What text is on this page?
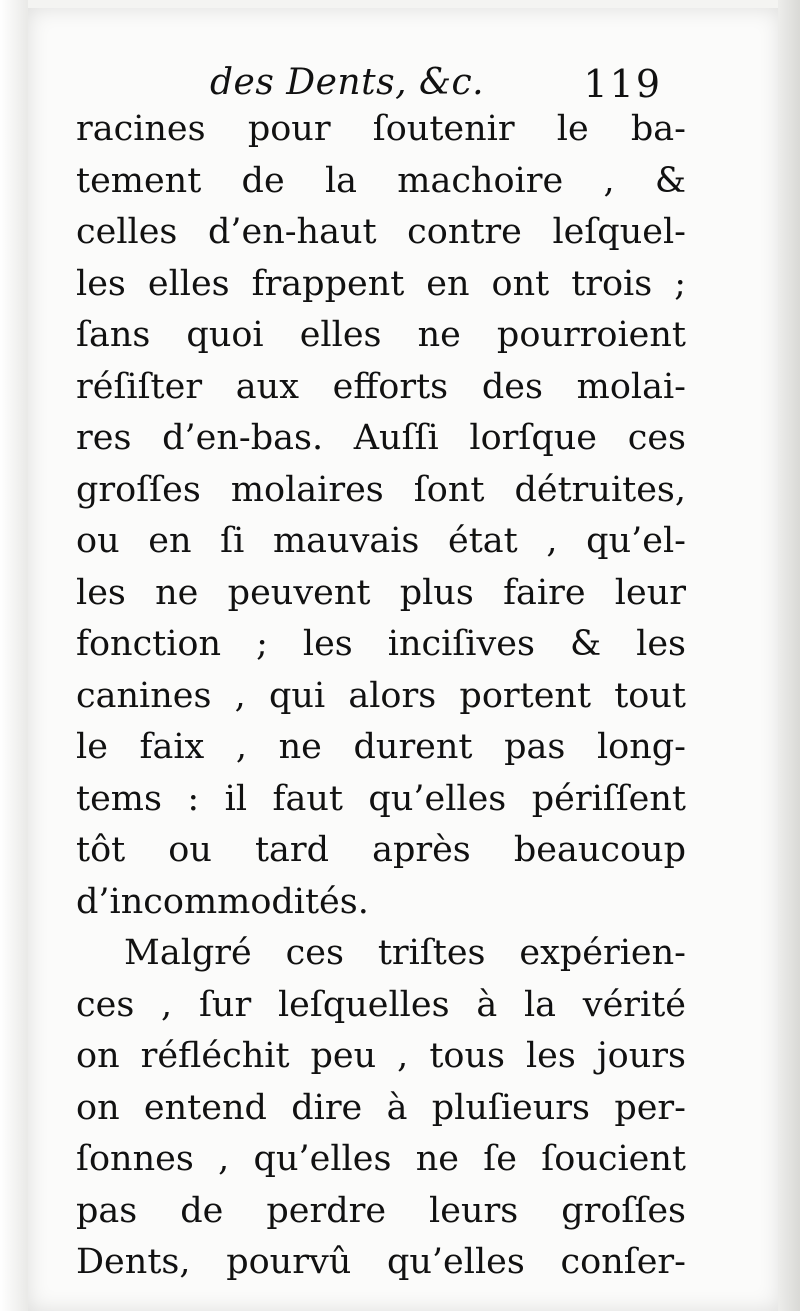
des Dents, &c.	119
racines pour ſoutenir le ba-
tement de la machoire , &
celles d’en-haut contre leſquel-
les elles frappent en ont trois ;
ſans quoi elles ne pourroient
réſiſter aux efforts des molai-
res d’en-bas. Auſſi lorſque ces
groſſes molaires ſont détruites,
ou en ſi mauvais état , qu’el-
les ne peuvent plus faire leur
fonction ; les inciſives & les
canines , qui alors portent tout
le faix , ne durent pas long-
tems : il faut qu’elles périſſent
tôt ou tard après beaucoup
d’incommodités.
Malgré ces triſtes expérien-
ces , ſur leſquelles à la vérité
on réfléchit peu , tous les jours
on entend dire à pluſieurs per-
ſonnes , qu’elles ne ſe ſoucient
pas de perdre leurs groſſes
Dents, pourvû qu’elles conſer-
